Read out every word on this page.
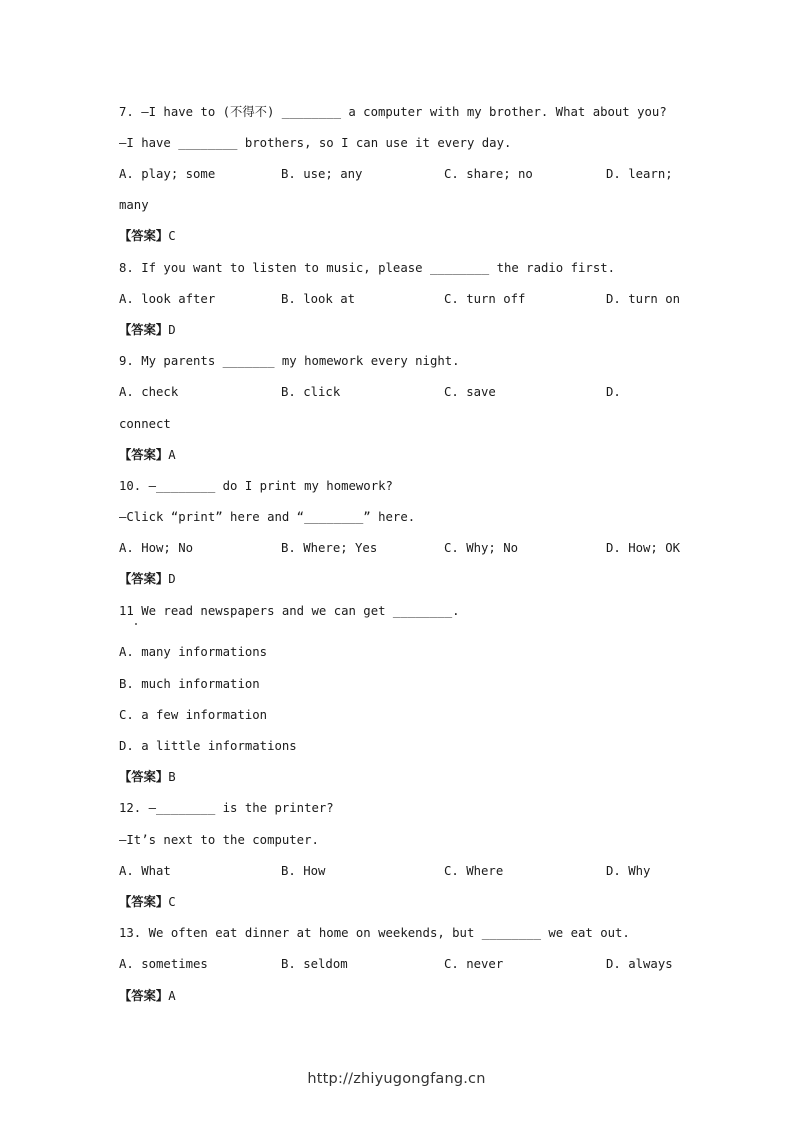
7. —I have to (不得不) ________ a computer with my brother. What about you?
—I have ________ brothers, so I can use it every day.
A. play; some	B. use; any	C. share; no	D. learn;
many
【答案】C
8. If you want to listen to music, please ________ the radio first.
A. look after	B. look at	C. turn off	D. turn on
【答案】D
9. My parents _______ my homework every night.
A. check	B. click	C. save	D.
connect
【答案】A
10. —________ do I print my homework?
—Click “print” here and “________” here.
A. How; No	B. Where; Yes	C. Why; No	D. How; OK
【答案】D
11 We read newspapers and we can get ________.
A. many informations
B. much information
C. a few information
D. a little informations
【答案】B
12. —________ is the printer?
—It’s next to the computer.
A. What	B. How	C. Where	D. Why
【答案】C
13. We often eat dinner at home on weekends, but ________ we eat out.
A. sometimes	B. seldom	C. never	D. always
【答案】A
http://zhiyugongfang.cn
